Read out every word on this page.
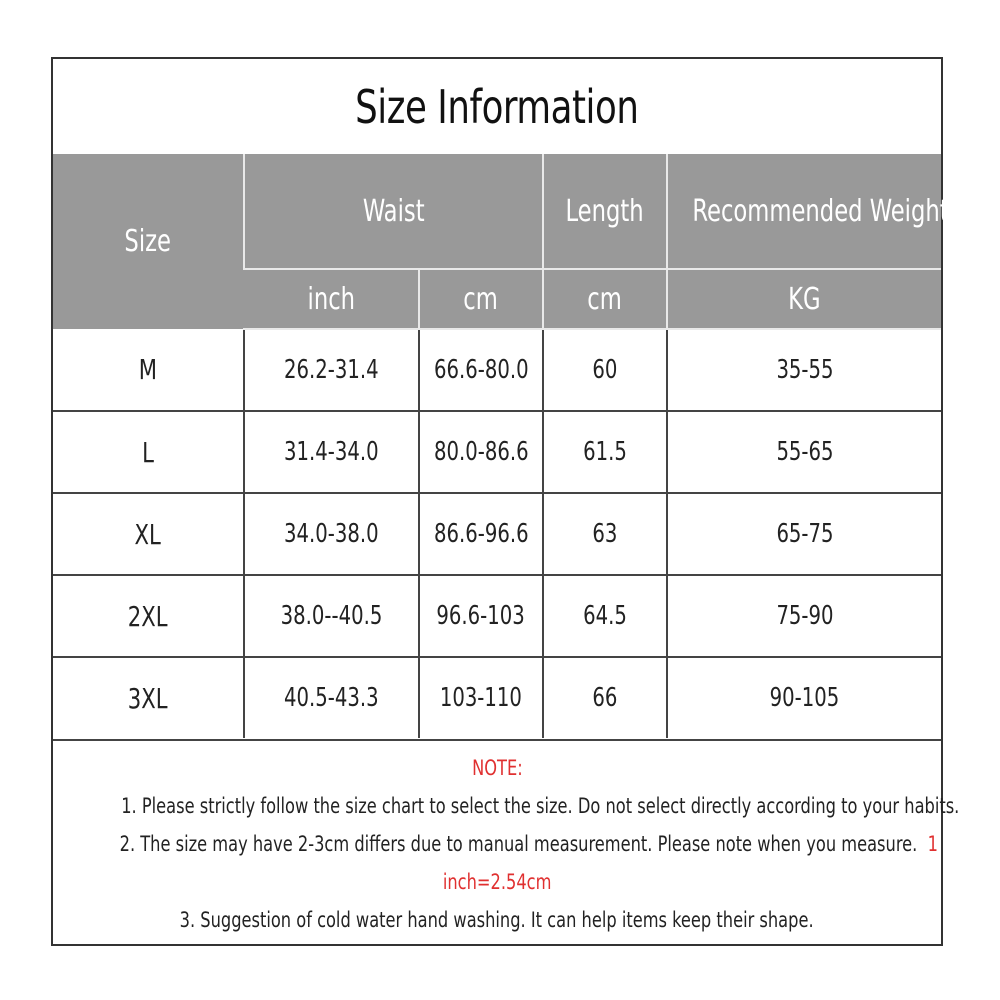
Size Information
Size	Waist		Length	Recommended Weight
	inch	cm	cm	KG
M	26.2-31.4	66.6-80.0	60	35-55
L	31.4-34.0	80.0-86.6	61.5	55-65
XL	34.0-38.0	86.6-96.6	63	65-75
2XL	38.0--40.5	96.6-103	64.5	75-90
3XL	40.5-43.3	103-110	66	90-105
NOTE:
1. Please strictly follow the size chart to select the size. Do not select directly according to your habits.
2. The size may have 2-3cm differs due to manual measurement. Please note when you measure. 1
inch=2.54cm
3. Suggestion of cold water hand washing. It can help items keep their shape.
